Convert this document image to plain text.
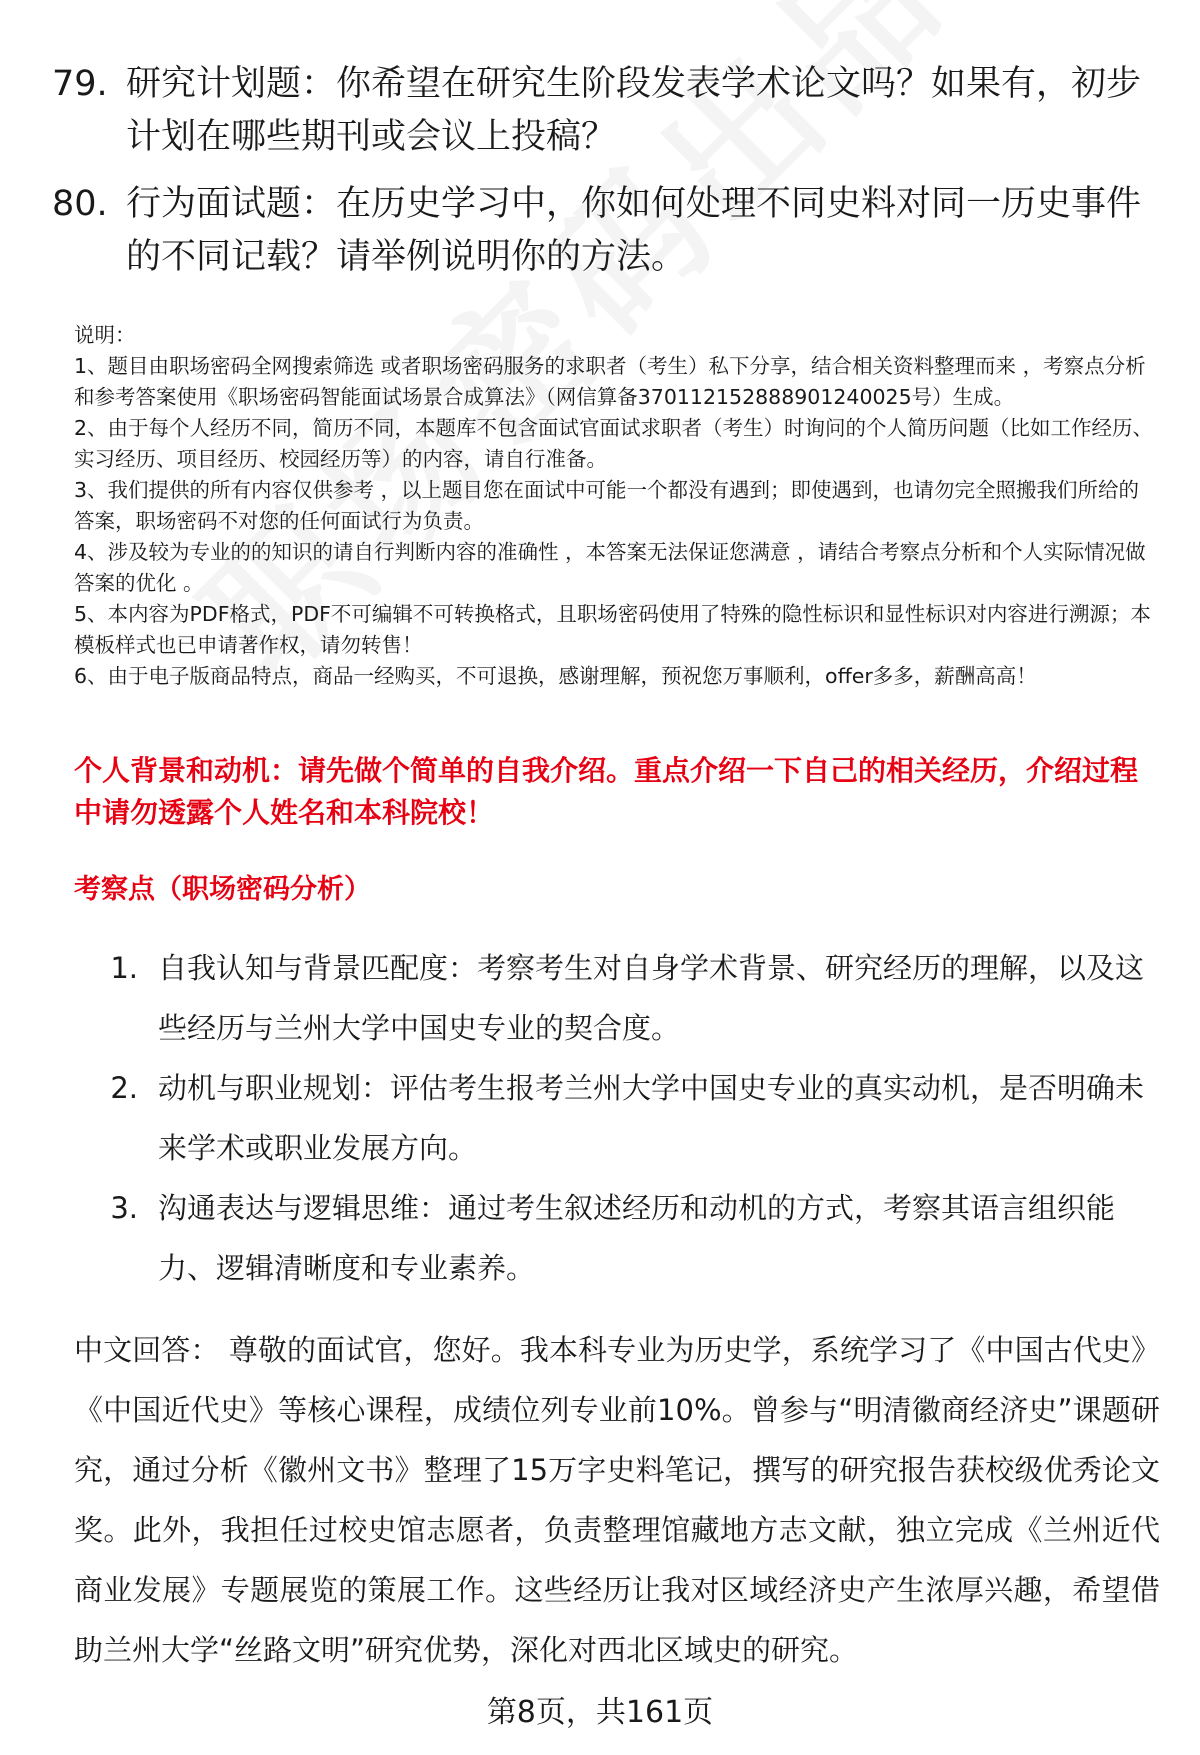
79. 研究计划题：你希望在研究生阶段发表学术论文吗？如果有，初步计划在哪些期刊或会议上投稿？
80. 行为面试题：在历史学习中，你如何处理不同史料对同一历史事件的不同记载？请举例说明你的方法。

说明：

1、题目由职场密码全网搜索筛选 或者职场密码服务的求职者（考生）私下分享，结合相关资料整理而来 ，考察点分析和参考答案使用《职场密码智能面试场景合成算法》（网信算备370112152888901240025号）生成。

2、由于每个人经历不同，简历不同，本题库不包含面试官面试求职者（考生）时询问的个人简历问题（比如工作经历、实习经历、项目经历、校园经历等）的内容，请自行准备。

3、我们提供的所有内容仅供参考 ，以上题目您在面试中可能一个都没有遇到；即使遇到，也请勿完全照搬我们所给的答案，职场密码不对您的任何面试行为负责。

4、涉及较为专业的的知识的请自行判断内容的准确性 ，本答案无法保证您满意 ，请结合考察点分析和个人实际情况做答案的优化 。

5、本内容为PDF格式，PDF不可编辑不可转换格式，且职场密码使用了特殊的隐性标识和显性标识对内容进行溯源；本模板样式也已申请著作权，请勿转售！

6、由于电子版商品特点，商品一经购买，不可退换，感谢理解，预祝您万事顺利，offer多多，薪酬高高！

个人背景和动机：请先做个简单的自我介绍。重点介绍一下自己的相关经历，介绍过程中请勿透露个人姓名和本科院校！
考察点（职场密码分析）
1. 自我认知与背景匹配度：考察考生对自身学术背景、研究经历的理解，以及这些经历与兰州大学中国史专业的契合度。
2. 动机与职业规划：评估考生报考兰州大学中国史专业的真实动机，是否明确未来学术或职业发展方向。
3. 沟通表达与逻辑思维：通过考生叙述经历和动机的方式，考察其语言组织能力、逻辑清晰度和专业素养。
中文回答： 尊敬的面试官，您好。我本科专业为历史学，系统学习了《中国古代史》《中国近代史》等核心课程，成绩位列专业前10%。曾参与“明清徽商经济史”课题研究，通过分析《徽州文书》整理了15万字史料笔记，撰写的研究报告获校级优秀论文奖。此外，我担任过校史馆志愿者，负责整理馆藏地方志文献，独立完成《兰州近代商业发展》专题展览的策展工作。这些经历让我对区域经济史产生浓厚兴趣，希望借助兰州大学“丝路文明”研究优势，深化对西北区域史的研究。
第8页，共161页
